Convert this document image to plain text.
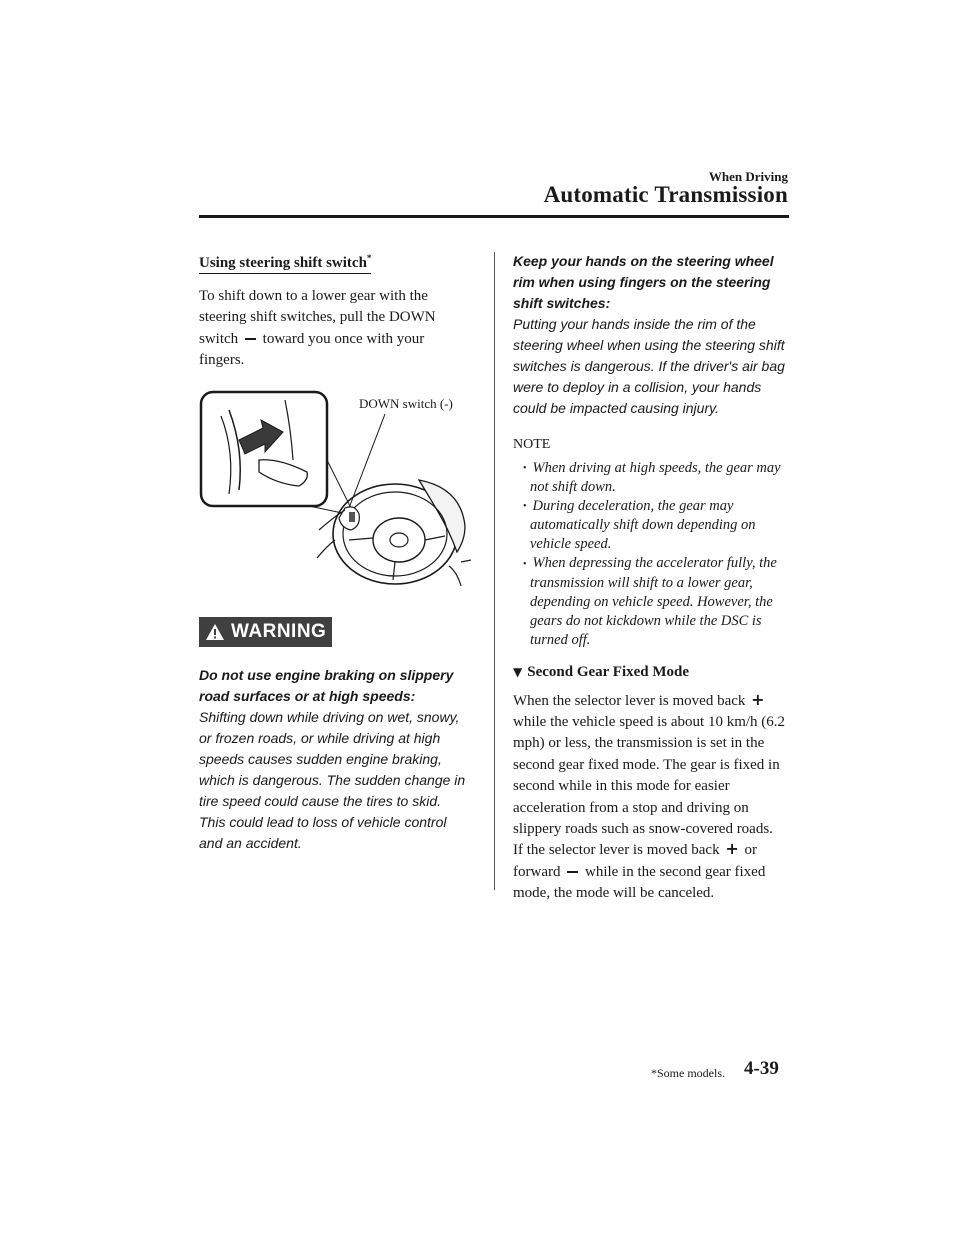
When Driving
Automatic Transmission
Using steering shift switch*

To shift down to a lower gear with the steering shift switches, pull the DOWN switch toward you once with your fingers.

DOWN switch (-)
WARNING

Do not use engine braking on slippery road surfaces or at high speeds:

Shifting down while driving on wet, snowy, or frozen roads, or while driving at high speeds causes sudden engine braking, which is dangerous. The sudden change in tire speed could cause the tires to skid. This could lead to loss of vehicle control and an accident.

Keep your hands on the steering wheel rim when using fingers on the steering shift switches:

Putting your hands inside the rim of the steering wheel when using the steering shift switches is dangerous. If the driver's air bag were to deploy in a collision, your hands could be impacted causing injury.

NOTE

• When driving at high speeds, the gear may not shift down.

• During deceleration, the gear may automatically shift down depending on vehicle speed.

• When depressing the accelerator fully, the transmission will shift to a lower gear, depending on vehicle speed. However, the gears do not kickdown while the DSC is turned off.

▼ Second Gear Fixed Mode

When the selector lever is moved back + while the vehicle speed is about 10 km/h (6.2 mph) or less, the transmission is set in the second gear fixed mode. The gear is fixed in second while in this mode for easier acceleration from a stop and driving on slippery roads such as snow-covered roads.

If the selector lever is moved back + or forward while in the second gear fixed mode, the mode will be canceled.

*Some models. 4-39
